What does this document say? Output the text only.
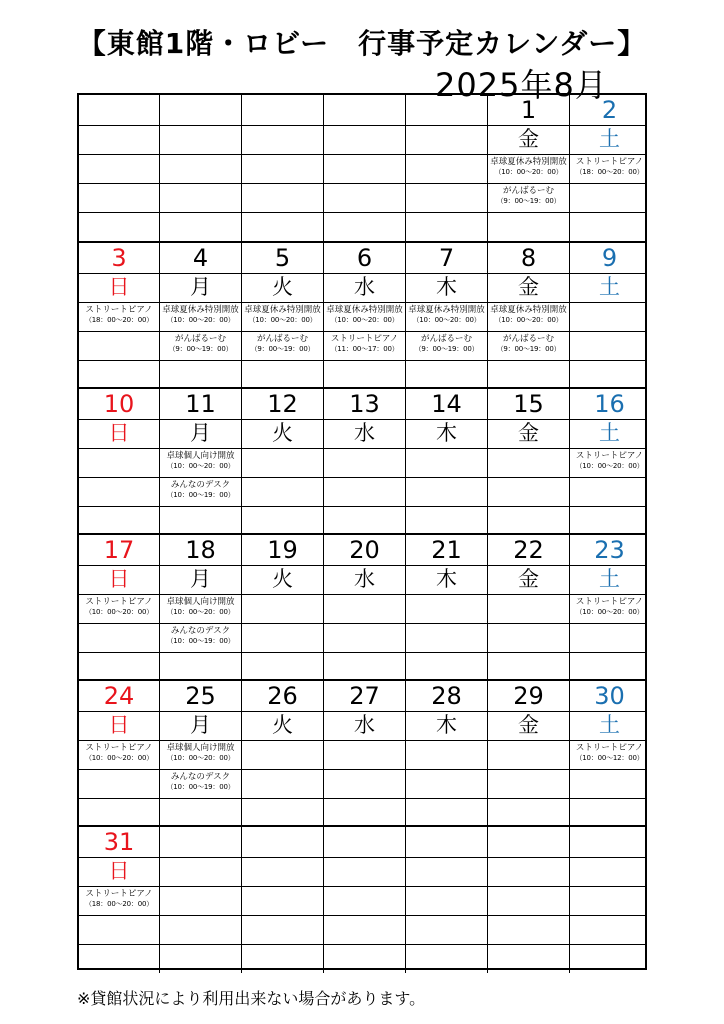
【東館1階・ロビー　行事予定カレンダー】
2025年8月
1
金
卓球夏休み特別開放
（10：00〜20：00）
がんばるーむ
（9：00〜19：00）
2
土
ストリートピアノ
（18：00〜20：00）
3
日
ストリートピアノ
（18：00〜20：00）
4
月
卓球夏休み特別開放
（10：00〜20：00）
がんばるーむ
（9：00〜19：00）
5
火
卓球夏休み特別開放
（10：00〜20：00）
がんばるーむ
（9：00〜19：00）
6
水
卓球夏休み特別開放
（10：00〜20：00）
ストリートピアノ
（11：00〜17：00）
7
木
卓球夏休み特別開放
（10：00〜20：00）
がんばるーむ
（9：00〜19：00）
8
金
卓球夏休み特別開放
（10：00〜20：00）
がんばるーむ
（9：00〜19：00）
9
土
10
日
11
月
卓球個人向け開放
（10：00〜20：00）
みんなのデスク
（10：00〜19：00）
12
火
13
水
14
木
15
金
16
土
ストリートピアノ
（10：00〜20：00）
17
日
ストリートピアノ
（10：00〜20：00）
18
月
卓球個人向け開放
（10：00〜20：00）
みんなのデスク
（10：00〜19：00）
19
火
20
水
21
木
22
金
23
土
ストリートピアノ
（10：00〜20：00）
24
日
ストリートピアノ
（10：00〜20：00）
25
月
卓球個人向け開放
（10：00〜20：00）
みんなのデスク
（10：00〜19：00）
26
火
27
水
28
木
29
金
30
土
ストリートピアノ
（10：00〜12：00）
31
日
ストリートピアノ
（18：00〜20：00）
※貸館状況により利用出来ない場合があります。
